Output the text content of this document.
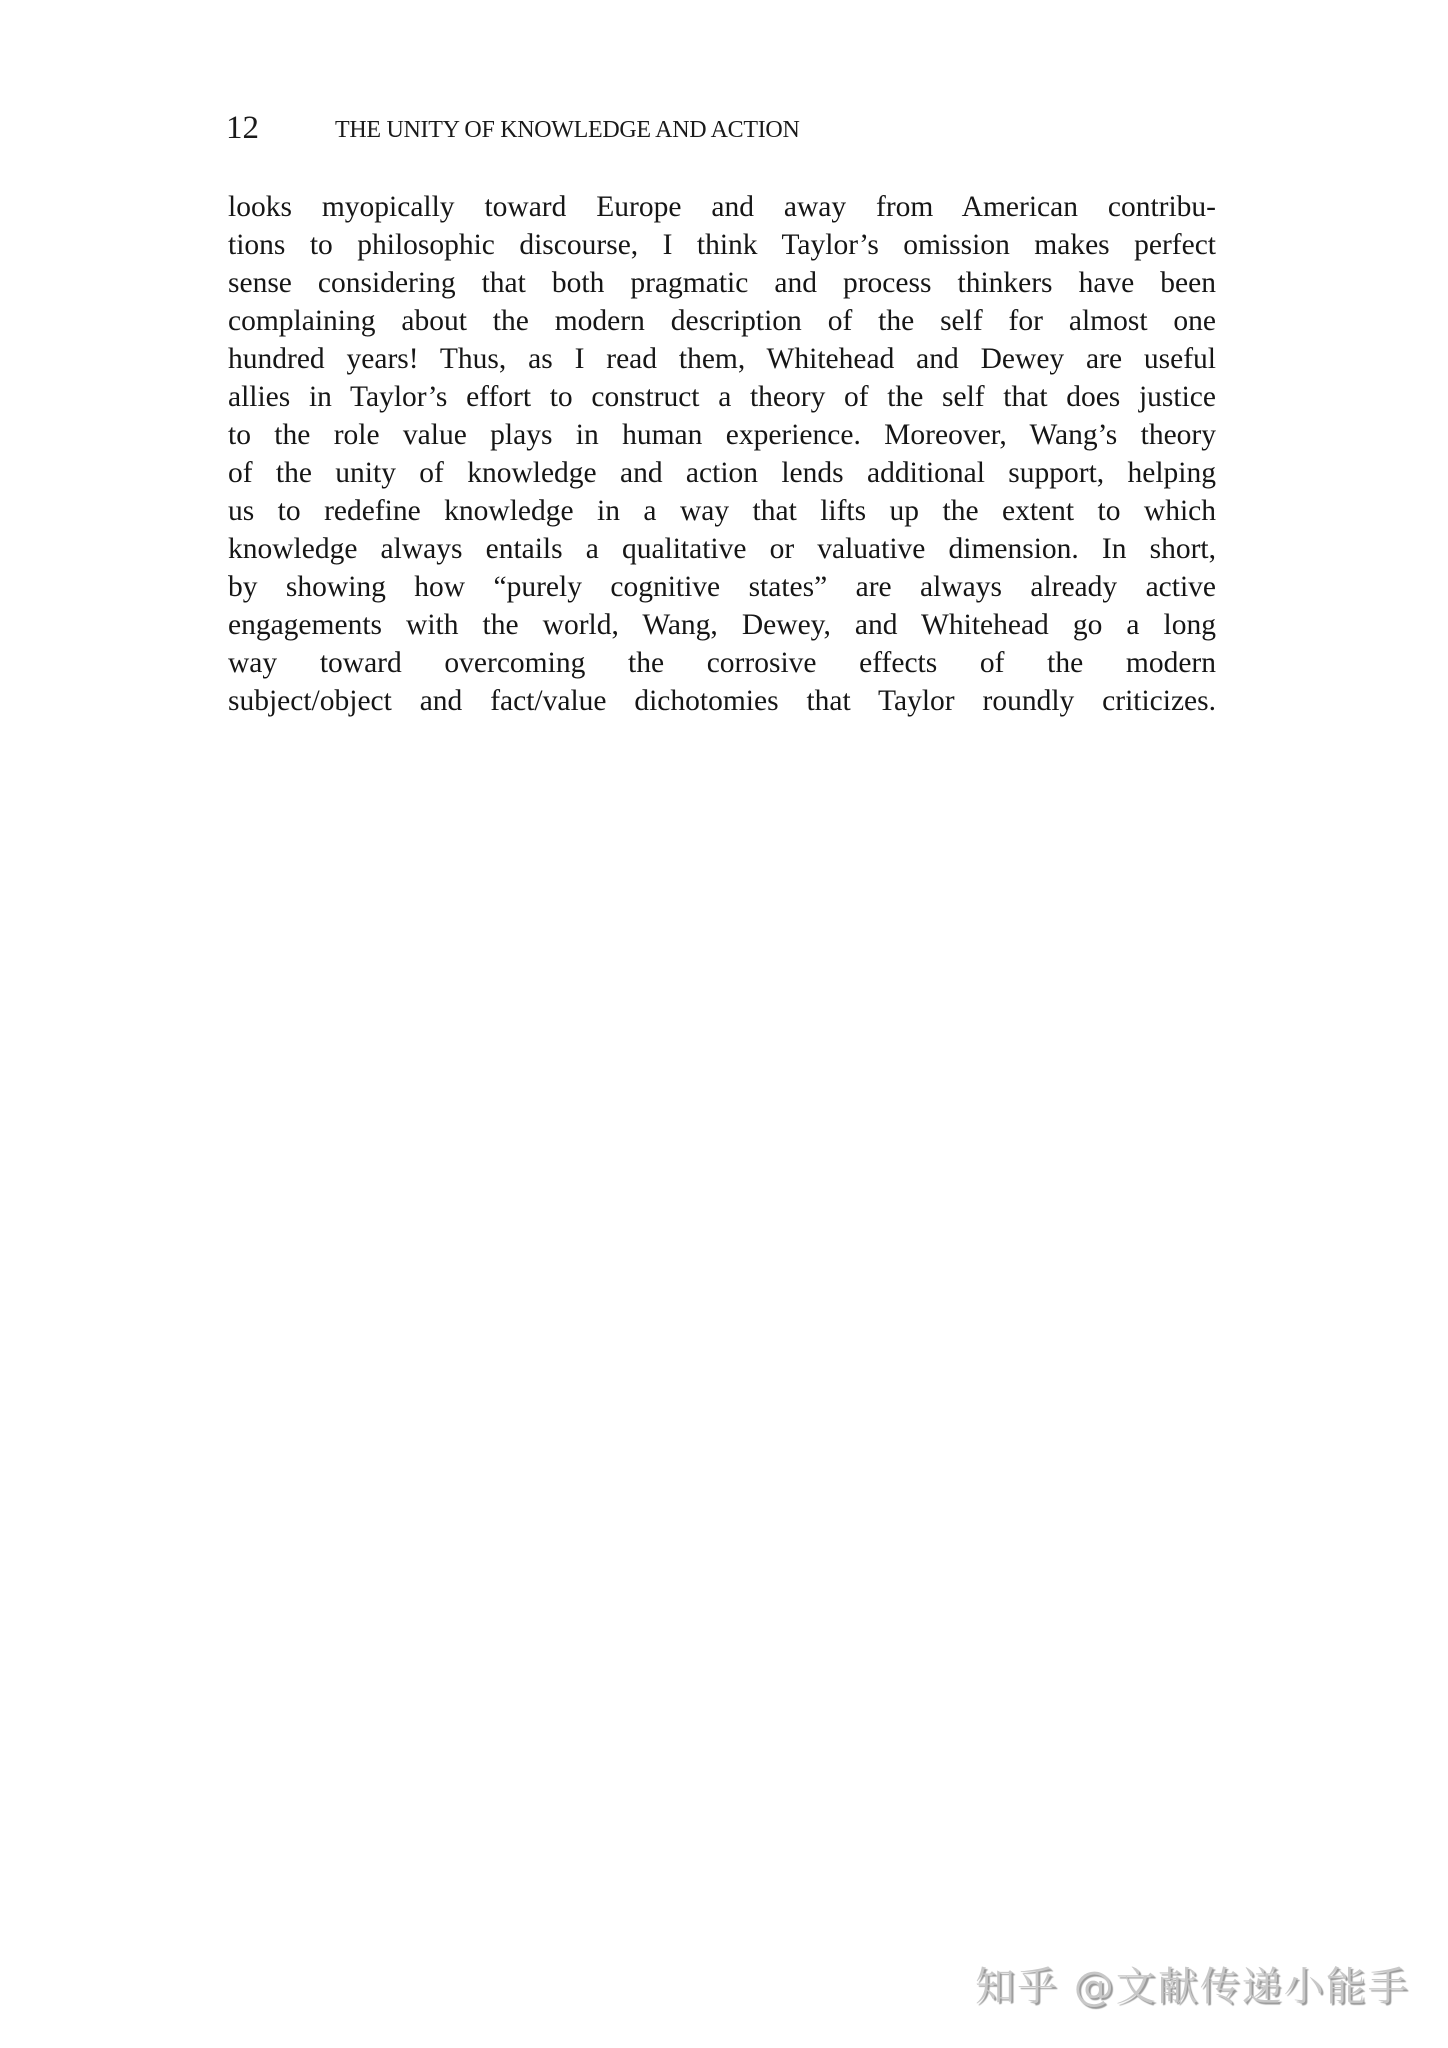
12	THE UNITY OF KNOWLEDGE AND ACTION
looks myopically toward Europe and away from American contribu-
tions to philosophic discourse, I think Taylor’s omission makes perfect
sense considering that both pragmatic and process thinkers have been
complaining about the modern description of the self for almost one
hundred years! Thus, as I read them, Whitehead and Dewey are useful
allies in Taylor’s effort to construct a theory of the self that does justice
to the role value plays in human experience. Moreover, Wang’s theory
of the unity of knowledge and action lends additional support, helping
us to redefine knowledge in a way that lifts up the extent to which
knowledge always entails a qualitative or valuative dimension. In short,
by showing how “purely cognitive states” are always already active
engagements with the world, Wang, Dewey, and Whitehead go a long
way toward overcoming the corrosive effects of the modern
subject/object and fact/value dichotomies that Taylor roundly criticizes.
知乎 @文献传递小能手
